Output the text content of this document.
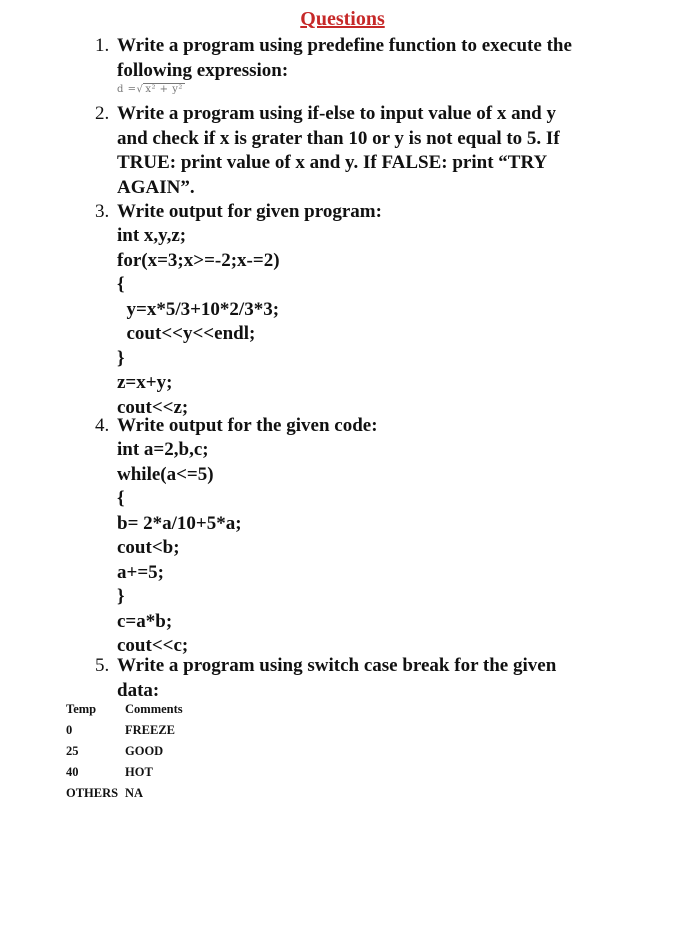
Questions
1. Write a program using predefine function to execute the
following expression:
d =√ x² + y²
2. Write a program using if-else to input value of x and y
and check if x is grater than 10 or y is not equal to 5. If
TRUE: print value of x and y. If FALSE: print “TRY
AGAIN”.
3. Write output for given program:
int x,y,z;
for(x=3;x>=-2;x-=2)
{
y=x*5/3+10*2/3*3;
cout<<y<<endl;
}
z=x+y;
cout<<z;
4. Write output for the given code:
int a=2,b,c;
while(a<=5)
{
b= 2*a/10+5*a;
cout<b;
a+=5;
}
c=a*b;
cout<<c;
5. Write a program using switch case break for the given
data:
Temp Comments
0	FREEZE
25	GOOD
40	HOT
OTHERS NA
